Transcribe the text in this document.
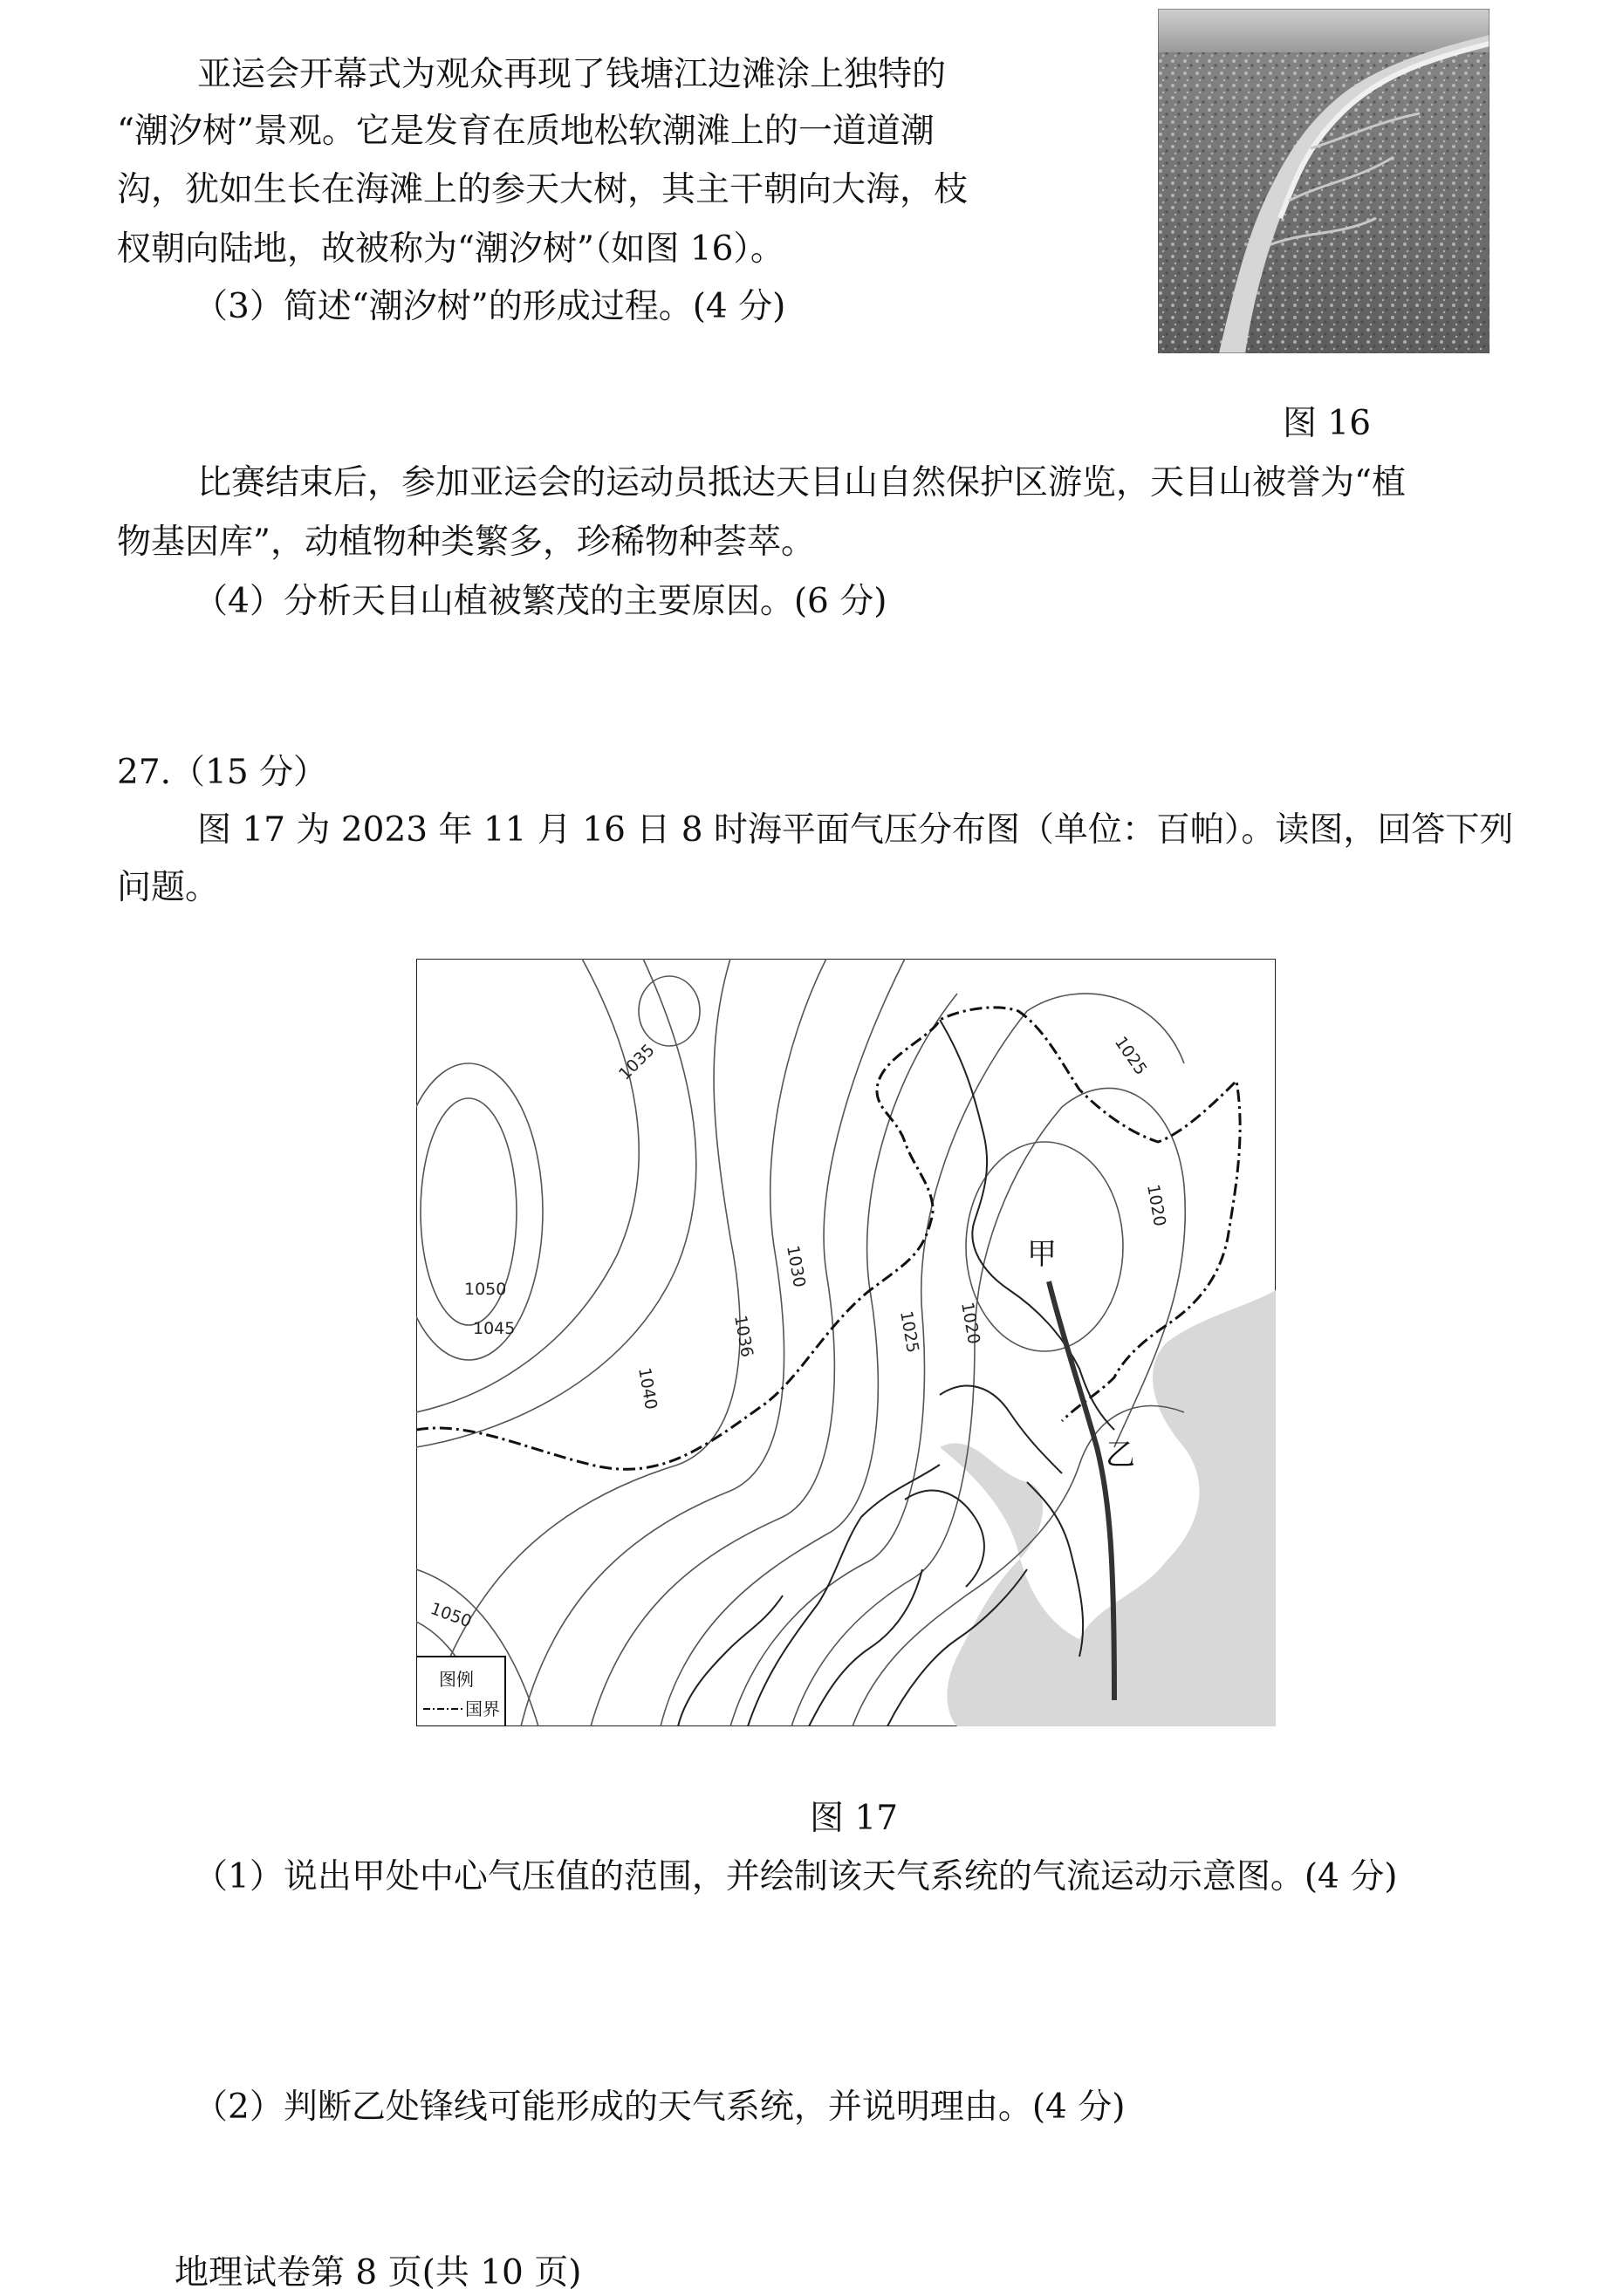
亚运会开幕式为观众再现了钱塘江边滩涂上独特的
“潮汐树”景观。它是发育在质地松软潮滩上的一道道潮
沟，犹如生长在海滩上的参天大树，其主干朝向大海，枝
杈朝向陆地，故被称为“潮汐树”（如图 16）。
（3）简述“潮汐树”的形成过程。(4 分)
图 16
比赛结束后，参加亚运会的运动员抵达天目山自然保护区游览，天目山被誉为“植
物基因库”，动植物种类繁多，珍稀物种荟萃。
（4）分析天目山植被繁茂的主要原因。(6 分)
27.（15 分）
图 17 为 2023 年 11 月 16 日 8 时海平面气压分布图（单位：百帕）。读图，回答下列
问题。
1050
1045
1040
1035
1030
1025 1020
1036
1025
1020
1050
甲
乙
图例
国界
图 17
（1）说出甲处中心气压值的范围，并绘制该天气系统的气流运动示意图。(4 分)
（2）判断乙处锋线可能形成的天气系统，并说明理由。(4 分)
地理试卷第 8 页(共 10 页)
